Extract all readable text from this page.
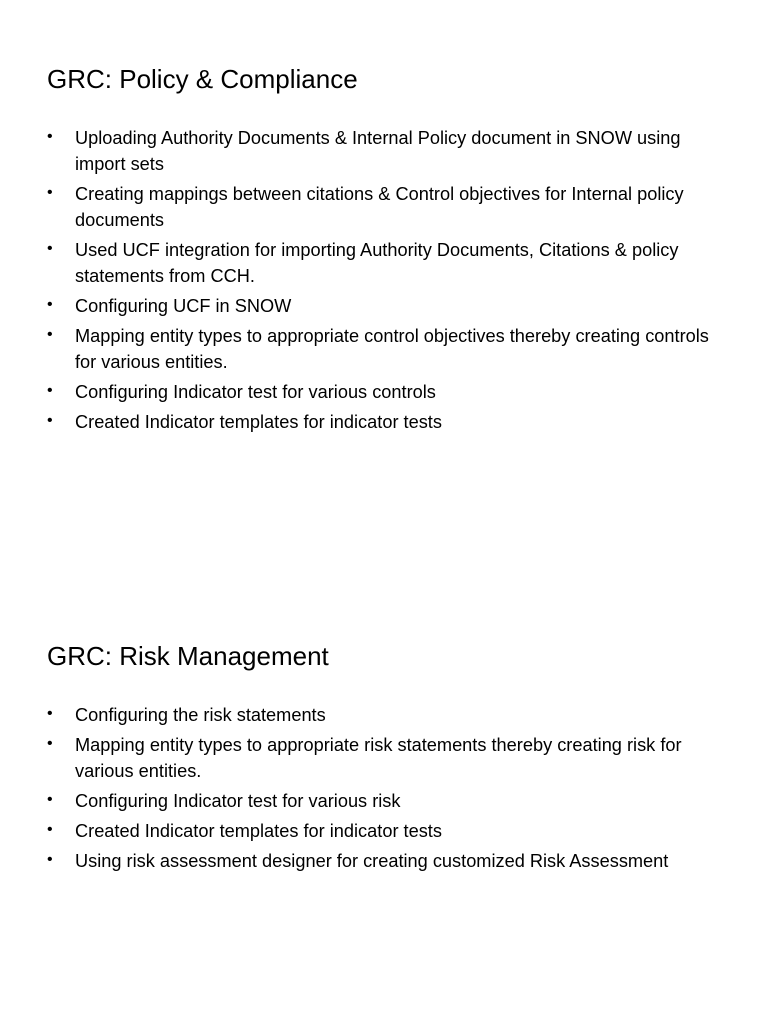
GRC: Policy & Compliance
• Uploading Authority Documents & Internal Policy document in SNOW using import sets
• Creating mappings between citations & Control objectives for Internal policy documents
• Used UCF integration for importing Authority Documents, Citations & policy statements from CCH.
• Configuring UCF in SNOW
• Mapping entity types to appropriate control objectives thereby creating controls for various entities.
• Configuring Indicator test for various controls
• Created Indicator templates for indicator tests
GRC: Risk Management
• Configuring the risk statements
• Mapping entity types to appropriate risk statements thereby creating risk for various entities.
• Configuring Indicator test for various risk
• Created Indicator templates for indicator tests
• Using risk assessment designer for creating customized Risk Assessment
